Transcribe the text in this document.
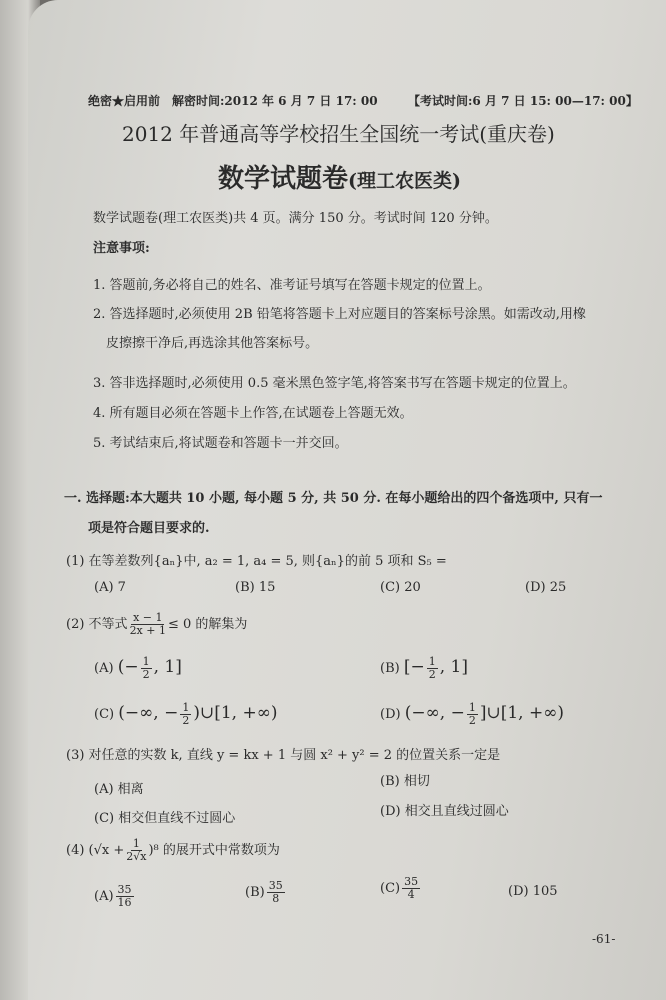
绝密★启用前　解密时间:2012 年 6 月 7 日 17: 00	【考试时间:6 月 7 日 15: 00—17: 00】
2012 年普通高等学校招生全国统一考试(重庆卷)
数学试题卷(理工农医类)
数学试题卷(理工农医类)共 4 页。满分 150 分。考试时间 120 分钟。
注意事项:
1. 答题前,务必将自己的姓名、准考证号填写在答题卡规定的位置上。
2. 答选择题时,必须使用 2B 铅笔将答题卡上对应题目的答案标号涂黑。如需改动,用橡
皮擦擦干净后,再选涂其他答案标号。
3. 答非选择题时,必须使用 0.5 毫米黑色签字笔,将答案书写在答题卡规定的位置上。
4. 所有题目必须在答题卡上作答,在试题卷上答题无效。
5. 考试结束后,将试题卷和答题卡一并交回。
一. 选择题:本大题共 10 小题, 每小题 5 分, 共 50 分. 在每小题给出的四个备选项中, 只有一
项是符合题目要求的.
(1) 在等差数列{aₙ}中, a₂ = 1, a₄ = 5, 则{aₙ}的前 5 项和 S₅ =
(A) 7	(B) 15	(C) 20	(D) 25
(2) 不等式 $\frac{x - 1}{2x + 1} \le 0$ 的解集为
(A) (− $\frac{1}{2}$ , 1]	(B) [− $\frac{1}{2}$ , 1]
(C) (−∞, − $\frac{1}{2}$ )∪[1, +∞)	(D) (−∞, − $\frac{1}{2}$ ]∪[1, +∞)
(3) 对任意的实数 k, 直线 y = kx + 1 与圆 x² + y² = 2 的位置关系一定是
(A) 相离
(B) 相切
(C) 相交但直线不过圆心	(D) 相交且直线过圆心
(4) $(√x + \frac{1}{2√x} )^8$ 的展开式中常数项为
$(A) \frac{35}{16}$	$(B) \frac{35}{8}$	$(C) \frac{35}{4}$	(D) 105
-61-
